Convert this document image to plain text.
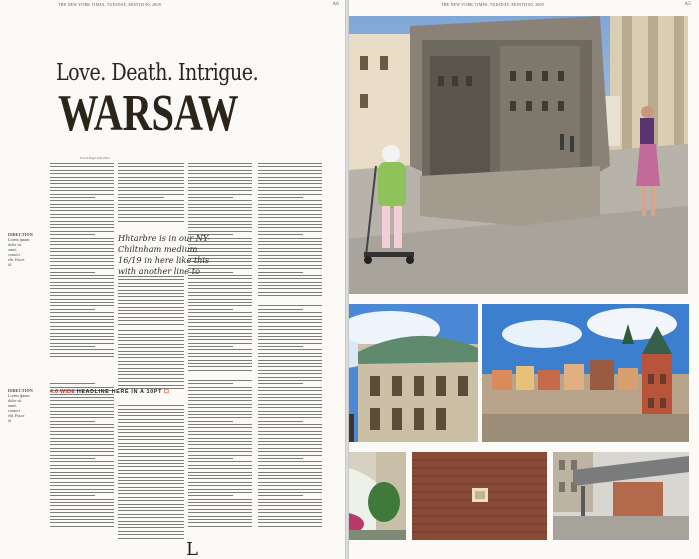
THE NEW YORK TIMES, TUESDAY, MONTH 00, 2009	A6
Love. Death. Intrigue.
WARSAW
Front Page Info Here
DIRECTION
Lorem ipsum
dolor sit
amet,
consect
elit. Fusce
id
DIRECTION
Lorem ipsum
dolor sit
amet,
consect
elit. Fusce
id
Hhtarbre is in our NY-Chiltnham medium 16/19 in here like this with another line to
4.6 WIDE HEADLINE HERE IN A 10PT ☐
L
THE NEW YORK TIMES, TUESDAY, MONTH 00, 2009	A5
